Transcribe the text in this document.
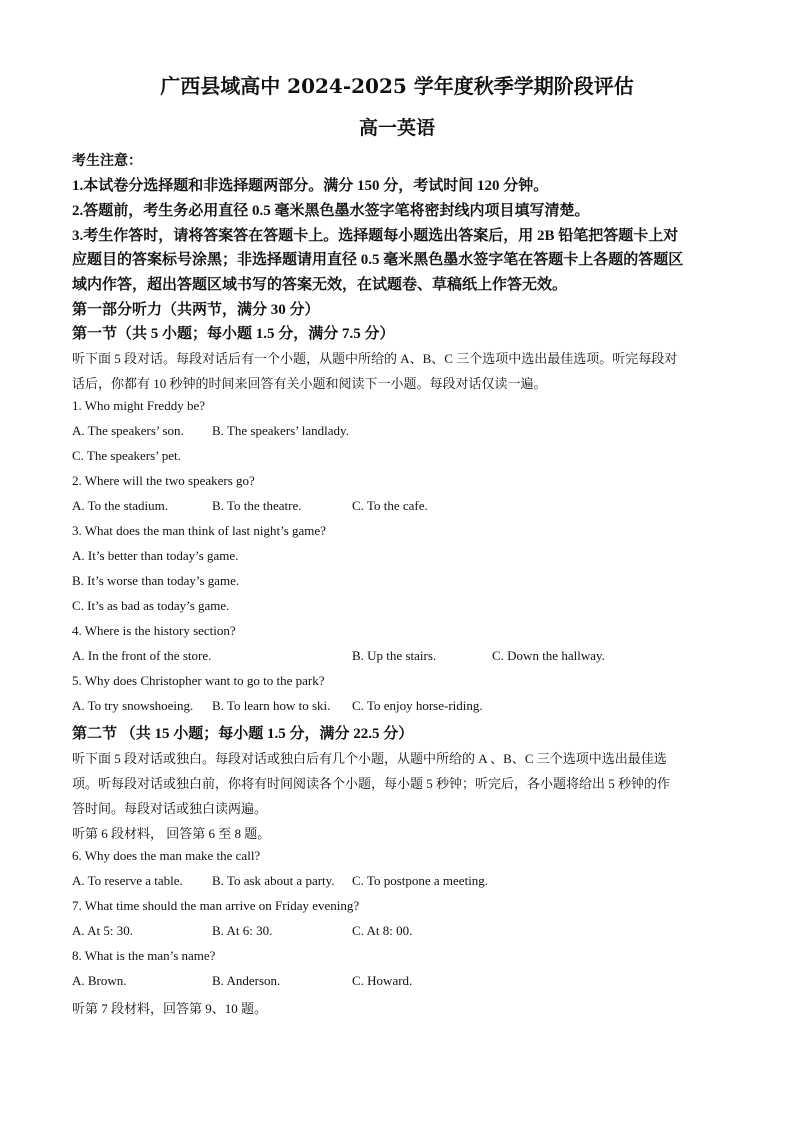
广西县域高中 2024-2025 学年度秋季学期阶段评估
高一英语
考生注意：
1.本试卷分选择题和非选择题两部分。满分 150 分，考试时间 120 分钟。
2.答题前，考生务必用直径 0.5 毫米黑色墨水签字笔将密封线内项目填写清楚。
3.考生作答时，请将答案答在答题卡上。选择题每小题选出答案后，用 2B 铅笔把答题卡上对
应题目的答案标号涂黑；非选择题请用直径 0.5 毫米黑色墨水签字笔在答题卡上各题的答题区
域内作答，超出答题区域书写的答案无效，在试题卷、草稿纸上作答无效。
第一部分听力（共两节，满分 30 分）
第一节（共 5 小题；每小题 1.5 分，满分 7.5 分）
听下面 5 段对话。每段对话后有一个小题，从题中所给的 A、B、C 三个选项中选出最佳选项。听完每段对
话后，你都有 10 秒钟的时间来回答有关小题和阅读下一小题。每段对话仅读一遍。
1. Who might Freddy be?
A. The speakers’ son. B. The speakers’ landlady.
C. The speakers’ pet.
2. Where will the two speakers go?
A. To the stadium.	B. To the theatre.	C. To the cafe.
3. What does the man think of last night’s game?
A. It’s better than today’s game.
B. It’s worse than today’s game.
C. It’s as bad as today’s game.
4. Where is the history section?
A. In the front of the store.	B. Up the stairs.	C. Down the hallway.
5. Why does Christopher want to go to the park?
A. To try snowshoeing. B. To learn how to ski. C. To enjoy horse-riding.
第二节 （共 15 小题；每小题 1.5 分，满分 22.5 分）
听下面 5 段对话或独白。每段对话或独白后有几个小题，从题中所给的 A 、B、C 三个选项中选出最佳选
项。听每段对话或独白前，你将有时间阅读各个小题，每小题 5 秒钟；听完后，各小题将给出 5 秒钟的作
答时间。每段对话或独白读两遍。
听第 6 段材料， 回答第 6 至 8 题。
6. Why does the man make the call?
A. To reserve a table. B. To ask about a party. C. To postpone a meeting.
7. What time should the man arrive on Friday evening?
A. At 5: 30.	B. At 6: 30.	C. At 8: 00.
8. What is the man’s name?
A. Brown.	B. Anderson.	C. Howard.
听第 7 段材料，回答第 9、10 题。
